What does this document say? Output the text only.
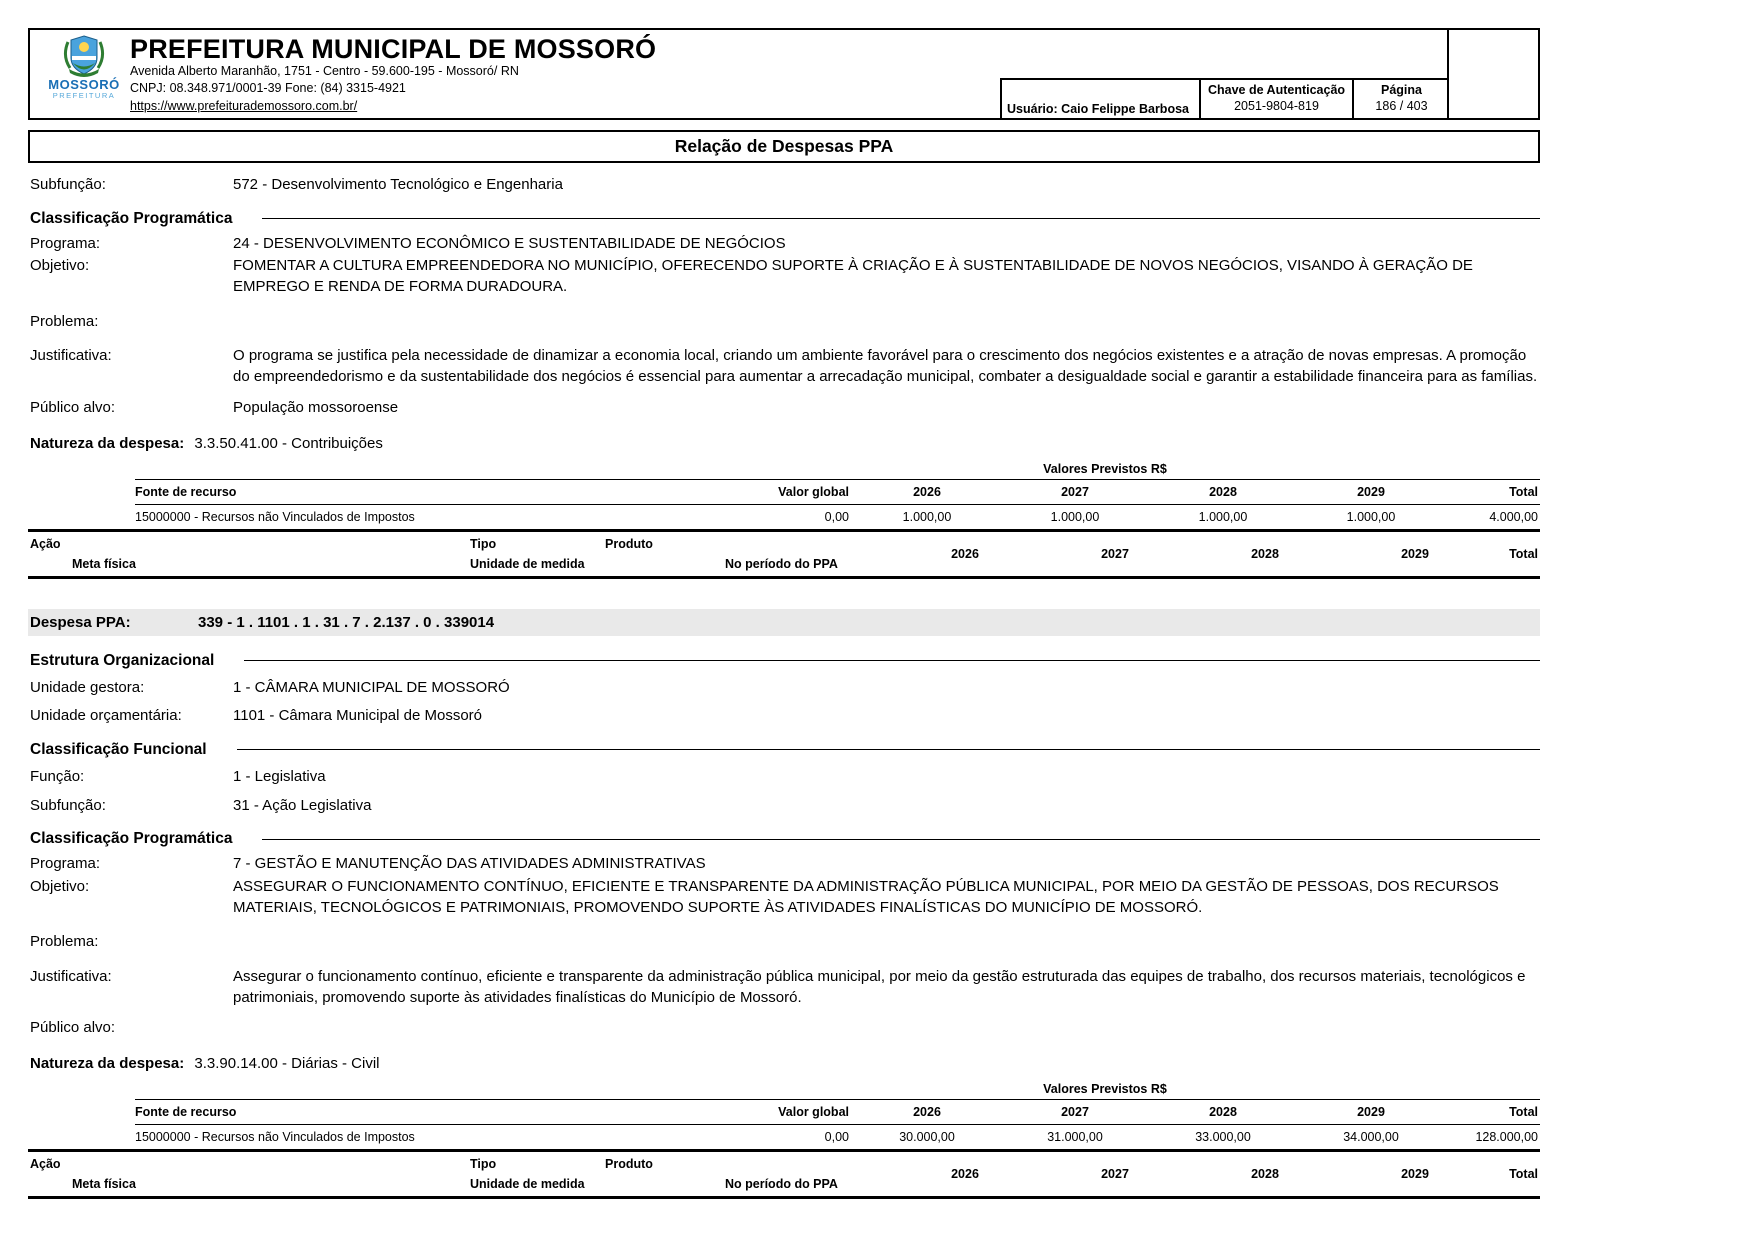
MOSSORÓ
PREFEITURA
PREFEITURA MUNICIPAL DE MOSSORÓ
Avenida Alberto Maranhão, 1751 - Centro - 59.600-195 - Mossoró/ RN
CNPJ: 08.348.971/0001-39 Fone: (84) 3315-4921
https://www.prefeiturademossoro.com.br/	Usuário: Caio Felippe Barbosa
Chave de Autenticação
2051-9804-819
Página
186 / 403
Relação de Despesas PPA
Subfunção:	572 - Desenvolvimento Tecnológico e Engenharia
Classificação Programática
Programa:	24 - DESENVOLVIMENTO ECONÔMICO E SUSTENTABILIDADE DE NEGÓCIOS
Objetivo:	FOMENTAR A CULTURA EMPREENDEDORA NO MUNICÍPIO, OFERECENDO SUPORTE À CRIAÇÃO E À SUSTENTABILIDADE DE NOVOS NEGÓCIOS, VISANDO À GERAÇÃO DE EMPREGO E RENDA DE FORMA DURADOURA.
Problema:
Justificativa:	O programa se justifica pela necessidade de dinamizar a economia local, criando um ambiente favorável para o crescimento dos negócios existentes e a atração de novas empresas. A promoção do empreendedorismo e da sustentabilidade dos negócios é essencial para aumentar a arrecadação municipal, combater a desigualdade social e garantir a estabilidade financeira para as famílias.
Público alvo:	População mossoroense
Natureza da despesa: 3.3.50.41.00 - Contribuições
Valores Previstos R$
Fonte de recurso	Valor global	2026	2027	2028	2029	Total
15000000 - Recursos não Vinculados de Impostos	0,00	1.000,00	1.000,00	1.000,00	1.000,00	4.000,00
Ação	Tipo	Produto
Meta física	Unidade de medida	No período do PPA
2026	2027	2028	2029	Total
Despesa PPA:	339 - 1 . 1101 . 1 . 31 . 7 . 2.137 . 0 . 339014
Estrutura Organizacional
Unidade gestora:	1 - CÂMARA MUNICIPAL DE MOSSORÓ
Unidade orçamentária:	1101 - Câmara Municipal de Mossoró
Classificação Funcional
Função:	1 - Legislativa
Subfunção:	31 - Ação Legislativa
Classificação Programática
Programa:	7 - GESTÃO E MANUTENÇÃO DAS ATIVIDADES ADMINISTRATIVAS
Objetivo:	ASSEGURAR O FUNCIONAMENTO CONTÍNUO, EFICIENTE E TRANSPARENTE DA ADMINISTRAÇÃO PÚBLICA MUNICIPAL, POR MEIO DA GESTÃO DE PESSOAS, DOS RECURSOS MATERIAIS, TECNOLÓGICOS E PATRIMONIAIS, PROMOVENDO SUPORTE ÀS ATIVIDADES FINALÍSTICAS DO MUNICÍPIO DE MOSSORÓ.
Problema:
Justificativa:	Assegurar o funcionamento contínuo, eficiente e transparente da administração pública municipal, por meio da gestão estruturada das equipes de trabalho, dos recursos materiais, tecnológicos e patrimoniais, promovendo suporte às atividades finalísticas do Município de Mossoró.
Público alvo:
Natureza da despesa: 3.3.90.14.00 - Diárias - Civil
Valores Previstos R$
Fonte de recurso	Valor global	2026	2027	2028	2029	Total
15000000 - Recursos não Vinculados de Impostos	0,00	30.000,00	31.000,00	33.000,00	34.000,00	128.000,00
Ação	Tipo	Produto
Meta física	Unidade de medida	No período do PPA
2026	2027	2028	2029	Total
